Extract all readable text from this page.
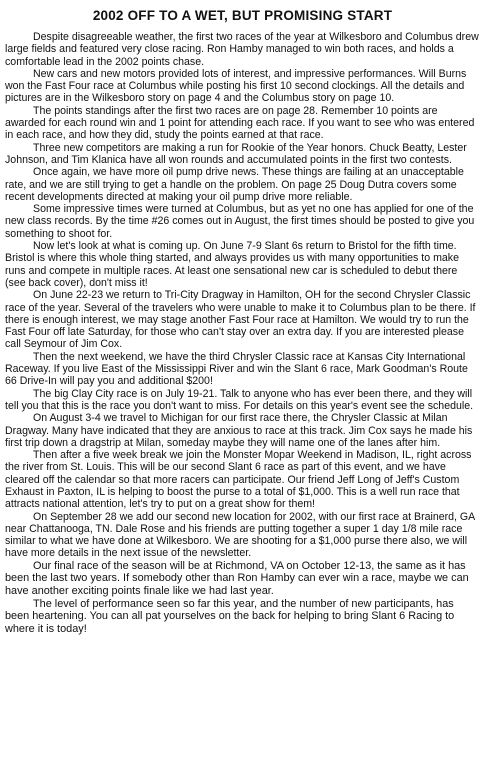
2002 OFF TO A WET, BUT PROMISING START

Despite disagreeable weather, the first two races of the year at Wilkesboro and Columbus drew large fields and featured very close racing. Ron Hamby managed to win both races, and holds a comfortable lead in the 2002 points chase.

New cars and new motors provided lots of interest, and impressive performances. Will Burns won the Fast Four race at Columbus while posting his first 10 second clockings. All the details and pictures are in the Wilkesboro story on page 4 and the Columbus story on page 10.

The points standings after the first two races are on page 28. Remember 10 points are awarded for each round win and 1 point for attending each race. If you want to see who was entered in each race, and how they did, study the points earned at that race.

Three new competitors are making a run for Rookie of the Year honors. Chuck Beatty, Lester Johnson, and Tim Klanica have all won rounds and accumulated points in the first two contests.

Once again, we have more oil pump drive news. These things are failing at an unacceptable rate, and we are still trying to get a handle on the problem. On page 25 Doug Dutra covers some recent developments directed at making your oil pump drive more reliable.

Some impressive times were turned at Columbus, but as yet no one has applied for one of the new class records. By the time #26 comes out in August, the first times should be posted to give you something to shoot for.

Now let's look at what is coming up. On June 7-9 Slant 6s return to Bristol for the fifth time. Bristol is where this whole thing started, and always provides us with many opportunities to make runs and compete in multiple races. At least one sensational new car is scheduled to debut there (see back cover), don't miss it!

On June 22-23 we return to Tri-City Dragway in Hamilton, OH for the second Chrysler Classic race of the year. Several of the travelers who were unable to make it to Columbus plan to be there. If there is enough interest, we may stage another Fast Four race at Hamilton. We would try to run the Fast Four off late Saturday, for those who can't stay over an extra day. If you are interested please call Seymour of Jim Cox.

Then the next weekend, we have the third Chrysler Classic race at Kansas City International Raceway. If you live East of the Mississippi River and win the Slant 6 race, Mark Goodman's Route 66 Drive-In will pay you and additional $200!

The big Clay City race is on July 19-21. Talk to anyone who has ever been there, and they will tell you that this is the race you don't want to miss. For details on this year's event see the schedule.

On August 3-4 we travel to Michigan for our first race there, the Chrysler Classic at Milan Dragway. Many have indicated that they are anxious to race at this track. Jim Cox says he made his first trip down a dragstrip at Milan, someday maybe they will name one of the lanes after him.

Then after a five week break we join the Monster Mopar Weekend in Madison, IL, right across the river from St. Louis. This will be our second Slant 6 race as part of this event, and we have cleared off the calendar so that more racers can participate. Our friend Jeff Long of Jeff's Custom Exhaust in Paxton, IL is helping to boost the purse to a total of $1,000. This is a well run race that attracts national attention, let's try to put on a great show for them!

On September 28 we add our second new location for 2002, with our first race at Brainerd, GA near Chattanooga, TN. Dale Rose and his friends are putting together a super 1 day 1/8 mile race similar to what we have done at Wilkesboro. We are shooting for a $1,000 purse there also, we will have more details in the next issue of the newsletter.

Our final race of the season will be at Richmond, VA on October 12-13, the same as it has been the last two years. If somebody other than Ron Hamby can ever win a race, maybe we can have another exciting points finale like we had last year.

The level of performance seen so far this year, and the number of new participants, has been heartening. You can all pat yourselves on the back for helping to bring Slant 6 Racing to where it is today!
